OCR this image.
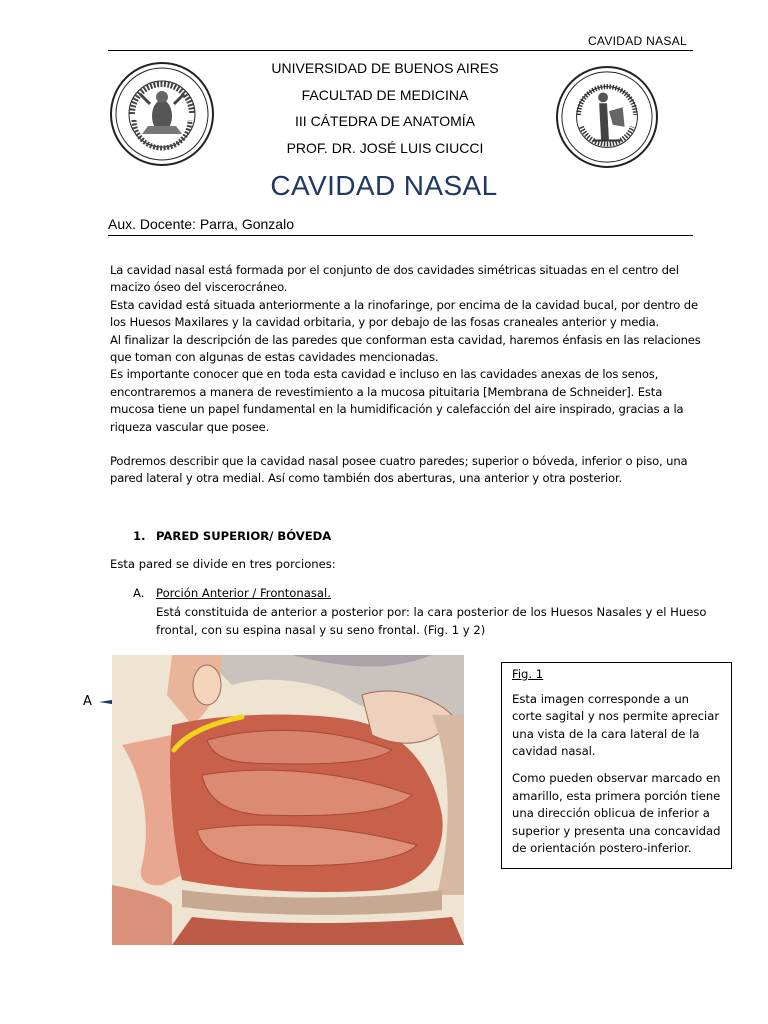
CAVIDAD NASAL
UNIVERSIDAD DE BUENOS AIRES
FACULTAD DE MEDICINA
III CÁTEDRA DE ANATOMÍA
PROF. DR. JOSÉ LUIS CIUCCI
CAVIDAD NASAL
Aux. Docente: Parra, Gonzalo

La cavidad nasal está formada por el conjunto de dos cavidades simétricas situadas en el centro del macizo óseo del viscerocráneo.

Esta cavidad está situada anteriormente a la rinofaringe, por encima de la cavidad bucal, por dentro de los Huesos Maxilares y la cavidad orbitaria, y por debajo de las fosas craneales anterior y media.

Al finalizar la descripción de las paredes que conforman esta cavidad, haremos énfasis en las relaciones que toman con algunas de estas cavidades mencionadas.

Es importante conocer que en toda esta cavidad e incluso en las cavidades anexas de los senos, encontraremos a manera de revestimiento a la mucosa pituitaria [Membrana de Schneider]. Esta mucosa tiene un papel fundamental en la humidificación y calefacción del aire inspirado, gracias a la riqueza vascular que posee.

Podremos describir que la cavidad nasal posee cuatro paredes; superior o bóveda, inferior o piso, una pared lateral y otra medial. Así como también dos aberturas, una anterior y otra posterior.

1. PARED SUPERIOR/ BÓVEDA
Esta pared se divide en tres porciones:
A. Porción Anterior / Frontonasal.
Está constituida de anterior a posterior por: la cara posterior de los Huesos Nasales y el Hueso frontal, con su espina nasal y su seno frontal. (Fig. 1 y 2)
A

Fig. 1

Esta imagen corresponde a un corte sagital y nos permite apreciar una vista de la cara lateral de la cavidad nasal.

Como pueden observar marcado en amarillo, esta primera porción tiene una dirección oblicua de inferior a superior y presenta una concavidad de orientación postero-inferior.
